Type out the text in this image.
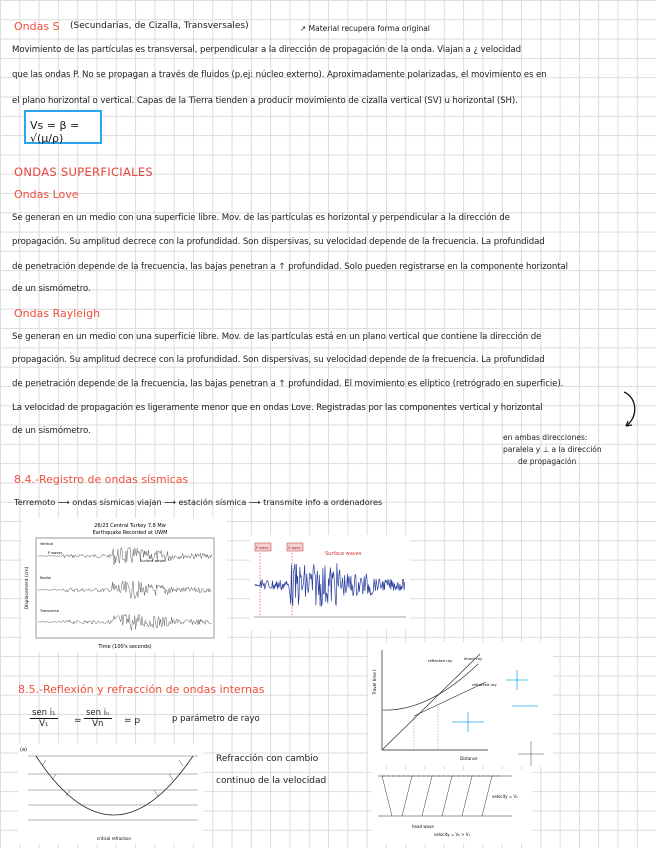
Ondas S (Secundarias, de Cizalla, Transversales)	↗ Material recupera forma original
Movimiento de las partículas es transversal, perpendicular a la dirección de propagación de la onda. Viajan a ¿ velocidad
que las ondas P. No se propagan a través de fluidos (p.ej: núcleo externo). Aproximadamente polarizadas, el movimiento es en
el plano horizontal o vertical. Capas de la Tierra tienden a producir movimiento de cizalla vertical (SV) u horizontal (SH).
Vs = β = √(μ/ρ)
ONDAS SUPERFICIALES
Ondas Love
Se generan en un medio con una superficie libre. Mov. de las partículas es horizontal y perpendicular a la dirección de
propagación. Su amplitud decrece con la profundidad. Son dispersivas, su velocidad depende de la frecuencia. La profundidad
de penetración depende de la frecuencia, las bajas penetran a ↑ profundidad. Solo pueden registrarse en la componente horizontal
de un sismómetro.
Ondas Rayleigh
Se generan en un medio con una superficie libre. Mov. de las partículas está en un plano vertical que contiene la dirección de
propagación. Su amplitud decrece con la profundidad. Son dispersivas, su velocidad depende de la frecuencia. La profundidad
de penetración depende de la frecuencia, las bajas penetran a ↑ profundidad. El movimiento es elíptico (retrógrado en superficie).
La velocidad de propagación es ligeramente menor que en ondas Love. Registradas por las componentes vertical y horizontal
de un sismómetro.
en ambas direcciones:
paralela y ⊥ a la dirección
de propagación
8.4.-Registro de ondas sísmicas
Terremoto ⟶ ondas sísmicas viajan ⟶ estación sísmica ⟶ transmite info a ordenadores
26/23 Central Turkey 7.8 Mw
Earthquake Recorded at UWM
Displacement (cm)
Time (100's seconds)
Vertical
Radial
Transverse
P waves
Surface waves
P wave	S wave
Surface waves
8.5.-Reflexión y refracción de ondas internas
sen i₁
V₁	=
sen iₙ
Vn	= p	p parámetro de rayo
(a)
critical refraction
Refracción con cambio
continuo de la velocidad
Travel time t
Distance
reflected ray	direct ray
refracted ray
head wave
velocity = V₁
velocity = V₂ > V₁
